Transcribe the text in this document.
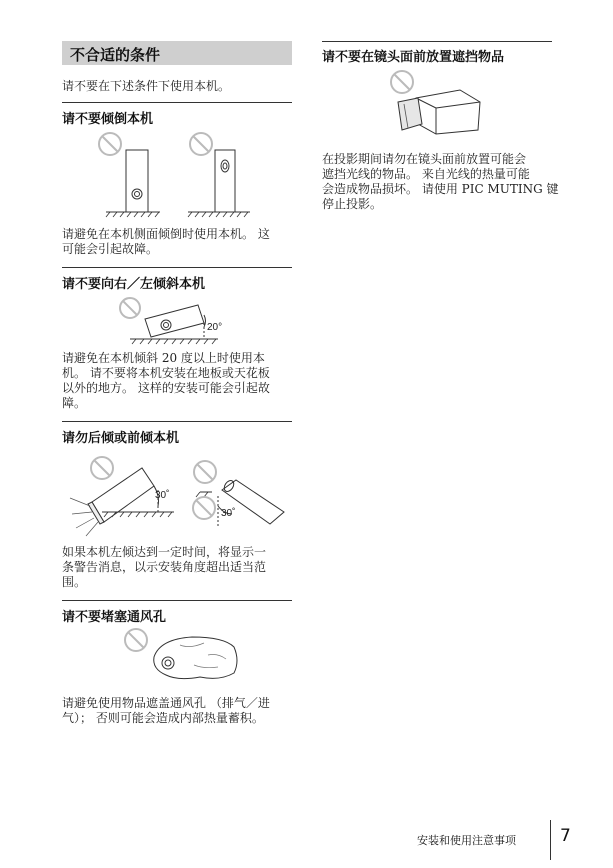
不合适的条件
请不要在下述条件下使用本机。
请不要倾倒本机
请避免在本机侧面倾倒时使用本机。 这
可能会引起故障。
请不要向右／左倾斜本机
20°
请避免在本机倾斜 20 度以上时使用本
机。 请不要将本机安装在地板或天花板
以外的地方。 这样的安装可能会引起故
障。
请勿后倾或前倾本机
30˚
30˚
如果本机左倾达到一定时间，将显示一
条警告消息，以示安装角度超出适当范
围。
请不要堵塞通风孔
请避免使用物品遮盖通风孔 （排气／进
气）； 否则可能会造成内部热量蓄积。
请不要在镜头面前放置遮挡物品
在投影期间请勿在镜头面前放置可能会
遮挡光线的物品。 来自光线的热量可能
会造成物品损坏。 请使用 PIC MUTING 键
停止投影。
安装和使用注意事项	7
